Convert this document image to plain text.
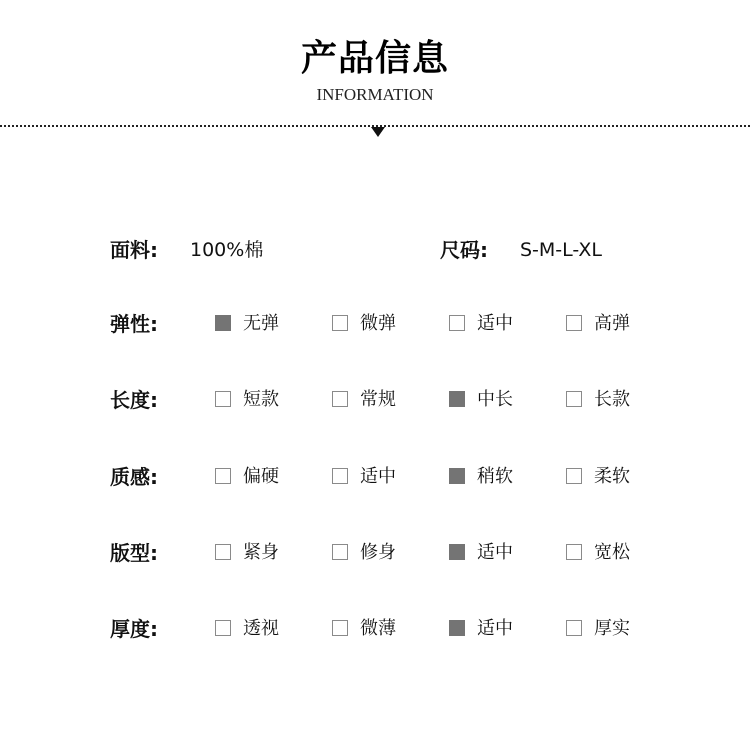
产品信息
INFORMATION
面料: 100%棉	尺码: S-M-L-XL
弹性:	无弹	微弹	适中	高弹
长度:	短款	常规	中长	长款
质感:	偏硬	适中	稍软	柔软
版型:	紧身	修身	适中	宽松
厚度:	透视	微薄	适中	厚实
